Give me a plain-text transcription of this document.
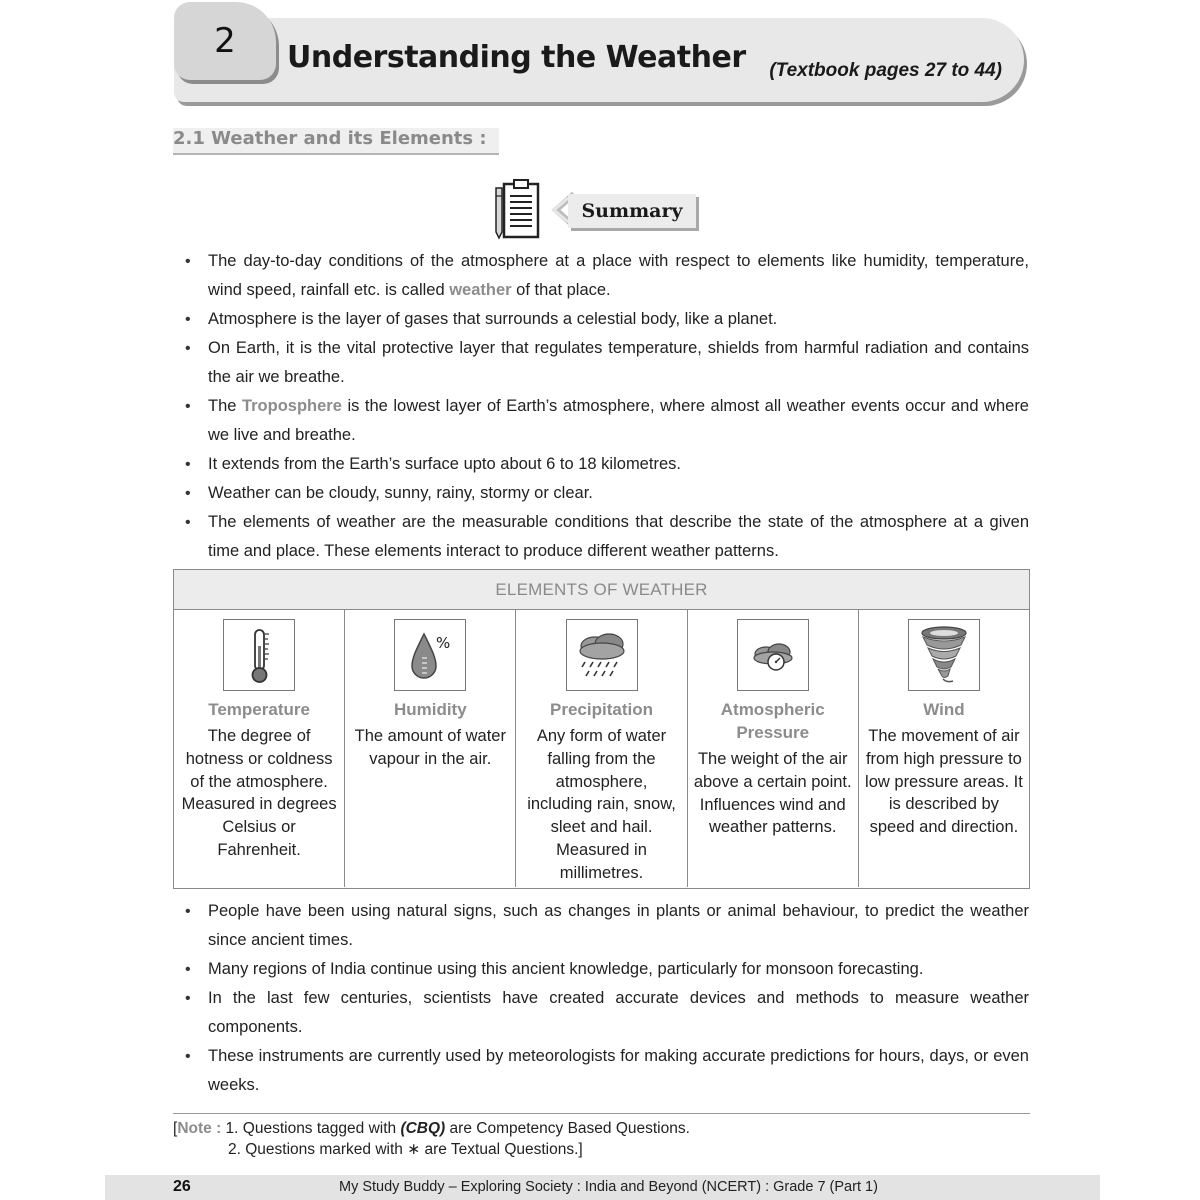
2	Understanding the Weather (Textbook pages 27 to 44)
2.1 Weather and its Elements :
Summary
• The day-to-day conditions of the atmosphere at a place with respect to elements like humidity, temperature, wind speed, rainfall etc. is called weather of that place.
• Atmosphere is the layer of gases that surrounds a celestial body, like a planet.
• On Earth, it is the vital protective layer that regulates temperature, shields from harmful radiation and contains the air we breathe.
• The Troposphere is the lowest layer of Earth’s atmosphere, where almost all weather events occur and where we live and breathe.
• It extends from the Earth’s surface upto about 6 to 18 kilometres.
• Weather can be cloudy, sunny, rainy, stormy or clear.
• The elements of weather are the measurable conditions that describe the state of the atmosphere at a given time and place. These elements interact to produce different weather patterns.
ELEMENTS OF WEATHER
Temperature
The degree of hotness or coldness of the atmosphere. Measured in degrees Celsius or Fahrenheit.
%
Humidity
The amount of water vapour in the air.
Precipitation
Any form of water falling from the atmosphere, including rain, snow, sleet and hail. Measured in millimetres.
Atmospheric Pressure
The weight of the air above a certain point. Influences wind and weather patterns.
Wind
The movement of air from high pressure to low pressure areas. It is described by speed and direction.
• People have been using natural signs, such as changes in plants or animal behaviour, to predict the weather since ancient times.
• Many regions of India continue using this ancient knowledge, particularly for monsoon forecasting.
• In the last few centuries, scientists have created accurate devices and methods to measure weather components.
• These instruments are currently used by meteorologists for making accurate predictions for hours, days, or even weeks.
[Note : 1. Questions tagged with (CBQ) are Competency Based Questions.
2. Questions marked with ∗ are Textual Questions.]
26	My Study Buddy – Exploring Society : India and Beyond (NCERT) : Grade 7 (Part 1)
